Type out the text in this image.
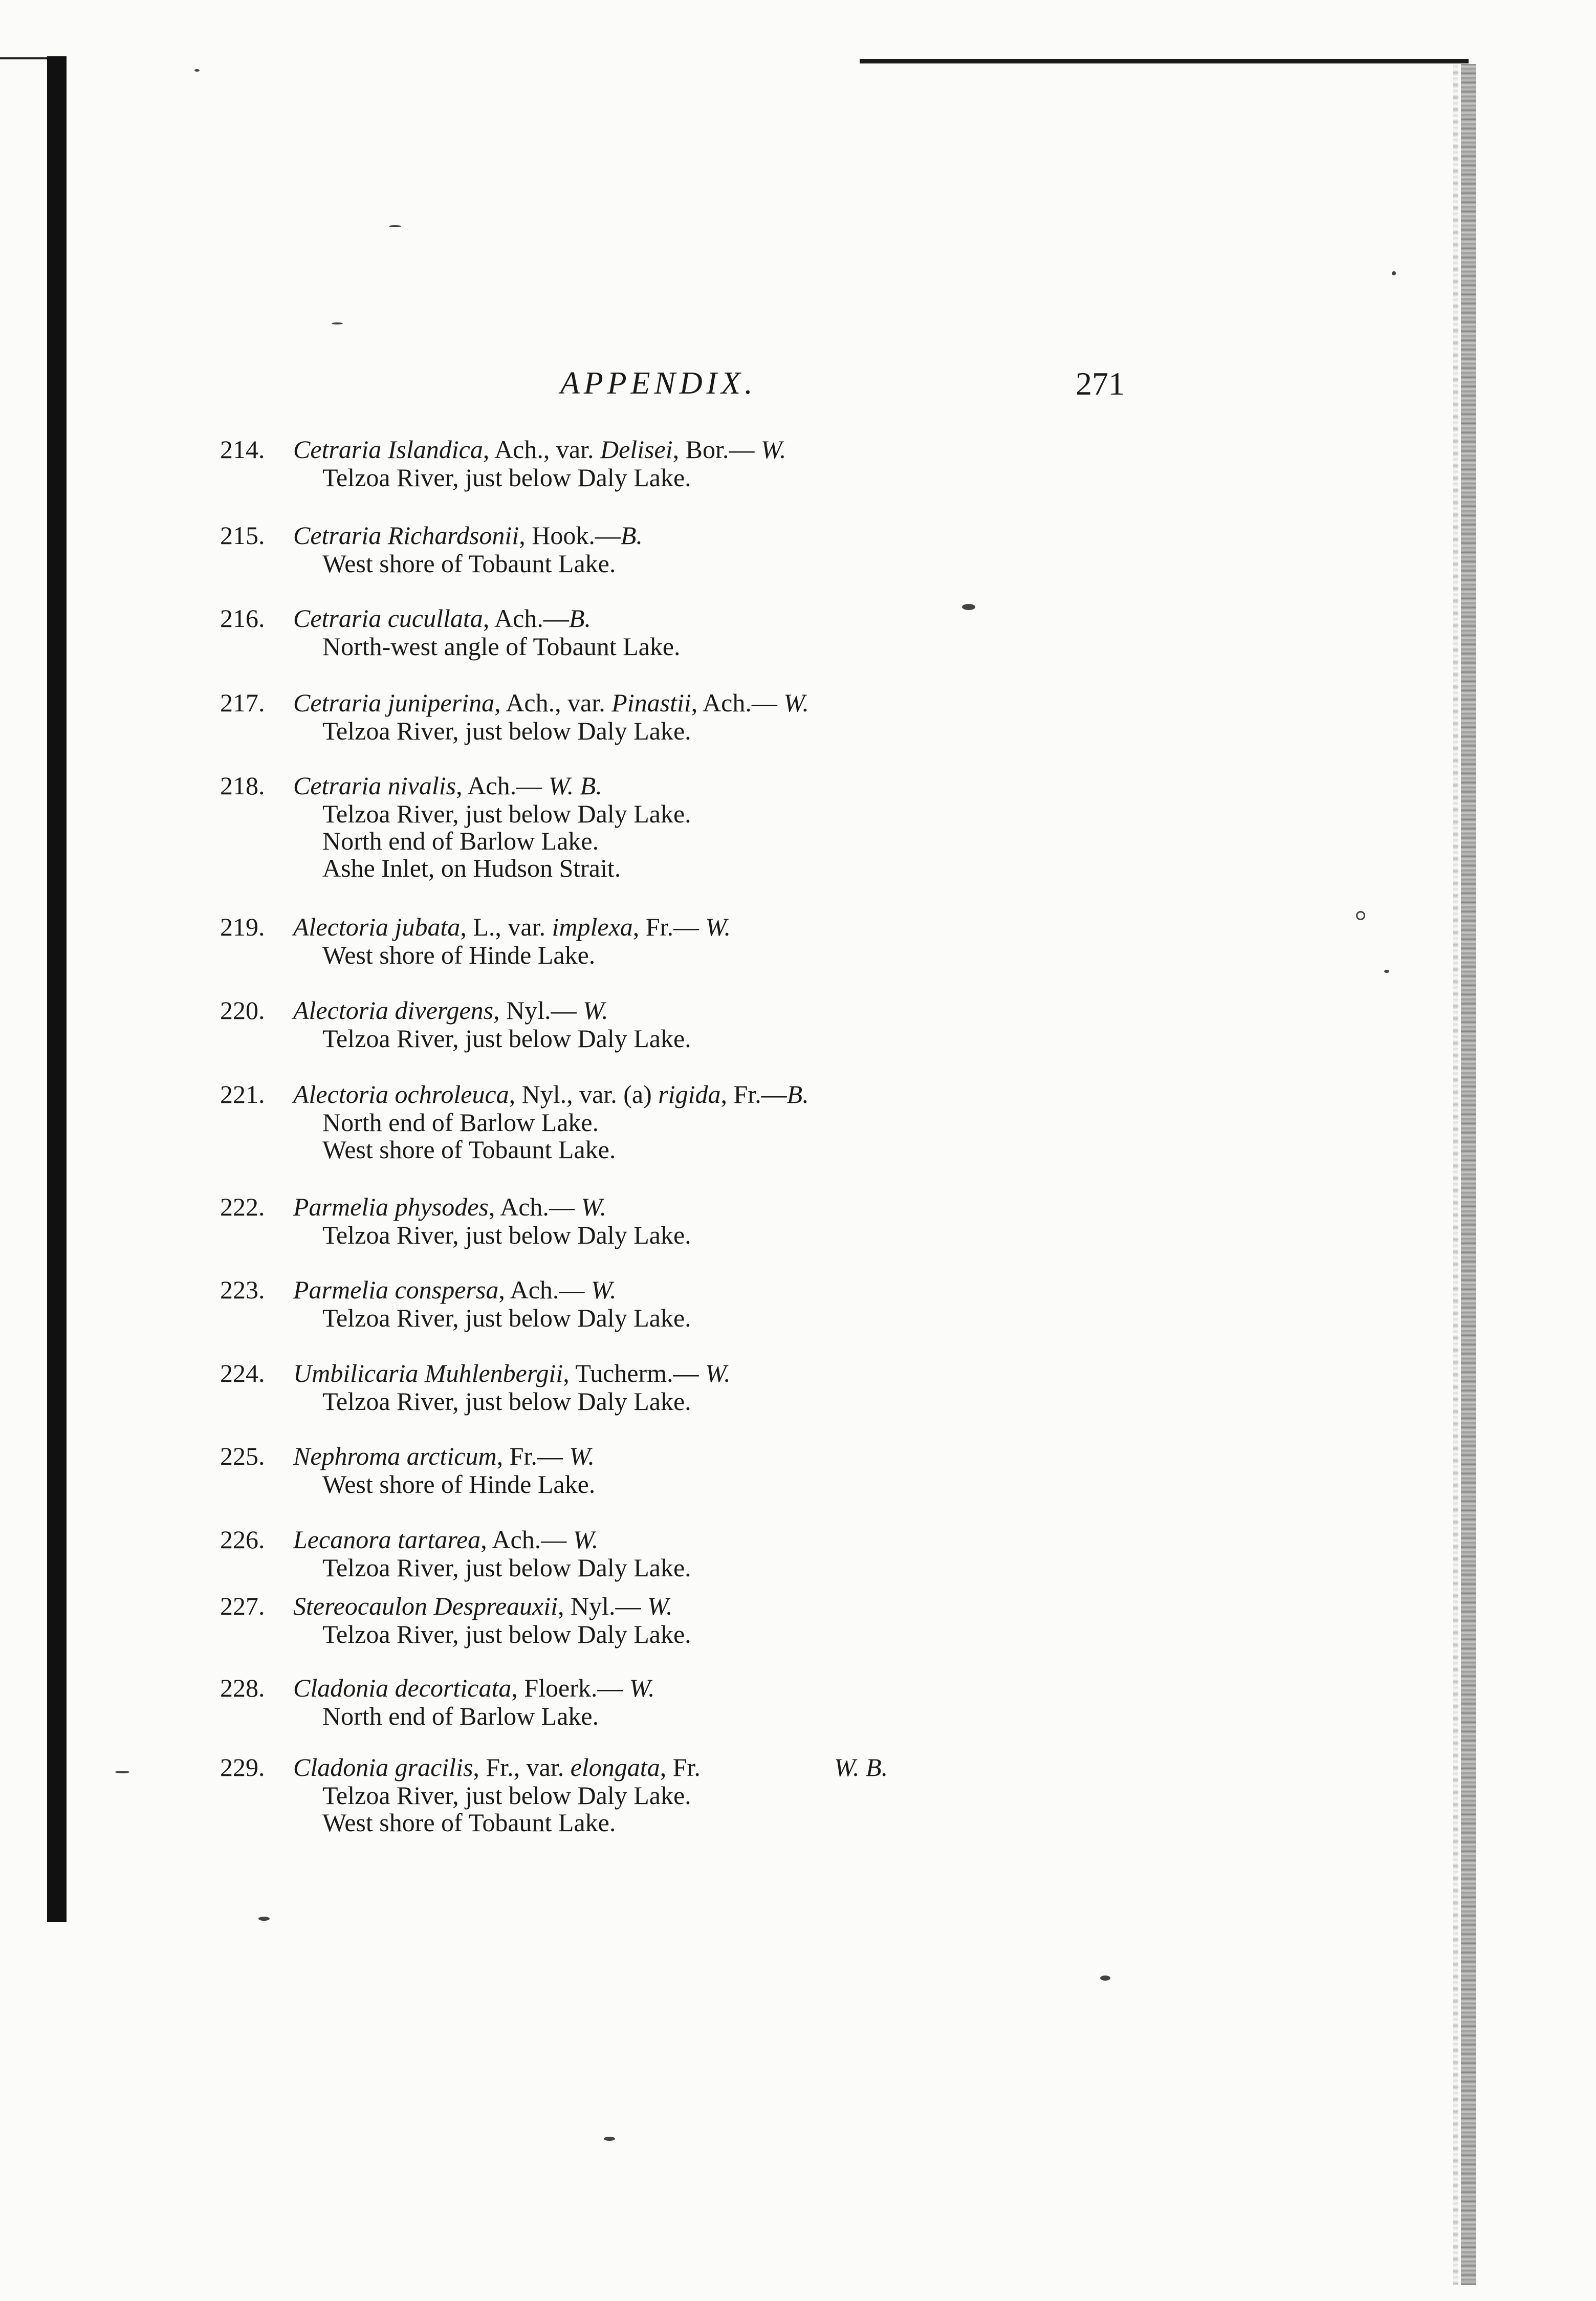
APPENDIX.	271
214. Cetraria Islandica, Ach., var. Delisei, Bor.— W.
Telzoa River, just below Daly Lake.
215. Cetraria Richardsonii, Hook.—B.
West shore of Tobaunt Lake.
216. Cetraria cucullata, Ach.—B.
North-west angle of Tobaunt Lake.
217. Cetraria juniperina, Ach., var. Pinastii, Ach.— W.
Telzoa River, just below Daly Lake.
218. Cetraria nivalis, Ach.— W. B.
Telzoa River, just below Daly Lake.
North end of Barlow Lake.
Ashe Inlet, on Hudson Strait.
219. Alectoria jubata, L., var. implexa, Fr.— W.
West shore of Hinde Lake.
220. Alectoria divergens, Nyl.— W.
Telzoa River, just below Daly Lake.
221. Alectoria ochroleuca, Nyl., var. (a) rigida, Fr.—B.
North end of Barlow Lake.
West shore of Tobaunt Lake.
222. Parmelia physodes, Ach.— W.
Telzoa River, just below Daly Lake.
223. Parmelia conspersa, Ach.— W.
Telzoa River, just below Daly Lake.
224. Umbilicaria Muhlenbergii, Tucherm.— W.
Telzoa River, just below Daly Lake.
225. Nephroma arcticum, Fr.— W.
West shore of Hinde Lake.
226. Lecanora tartarea, Ach.— W.
Telzoa River, just below Daly Lake.
227. Stereocaulon Despreauxii, Nyl.— W.
Telzoa River, just below Daly Lake.
228. Cladonia decorticata, Floerk.— W.
North end of Barlow Lake.
229. Cladonia gracilis, Fr., var. elongata, Fr.	W. B.
Telzoa River, just below Daly Lake.
West shore of Tobaunt Lake.
